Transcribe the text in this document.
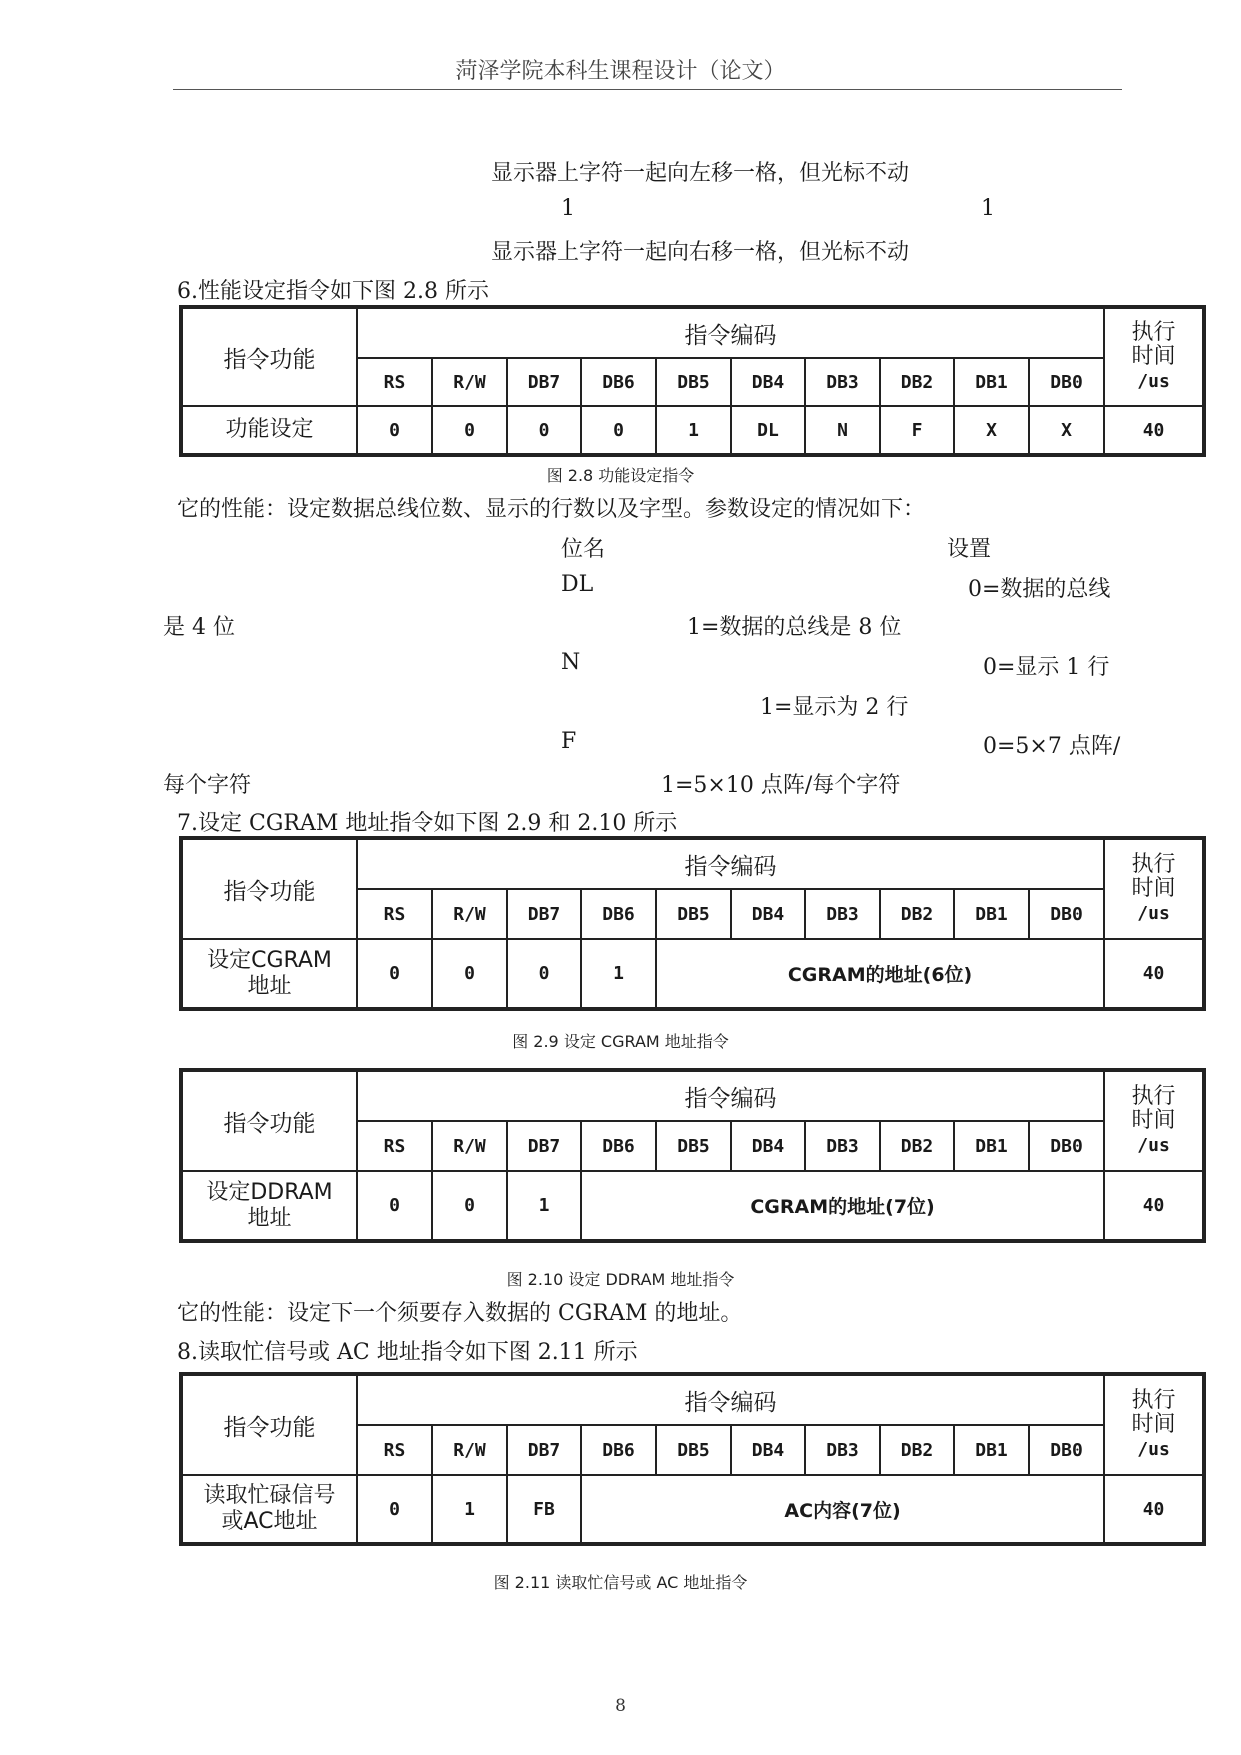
菏泽学院本科生课程设计（论文）
显示器上字符一起向左移一格，但光标不动
1	1
显示器上字符一起向右移一格，但光标不动
6.性能设定指令如下图 2.8 所示
指令功能	指令编码										执行
时间
/us
	RS	R/W	DB7	DB6	DB5	DB4	DB3	DB2	DB1	DB0	
功能设定	0	0	0	0	1	DL	N	F	X	X	40
图 2.8 功能设定指令
它的性能：设定数据总线位数、显示的行数以及字型。参数设定的情况如下：
位名	设置
DL	0=数据的总线
是 4 位	1=数据的总线是 8 位
N	0=显示 1 行
1=显示为 2 行
F	0=5×7 点阵/
每个字符	1=5×10 点阵/每个字符
7.设定 CGRAM 地址指令如下图 2.9 和 2.10 所示
指令功能	指令编码										执行
时间
/us
	RS	R/W	DB7	DB6	DB5	DB4	DB3	DB2	DB1	DB0	
设定CGRAM
地址	0	0	0	1	CGRAM的地址(6位)						40
图 2.9 设定 CGRAM 地址指令
指令功能	指令编码										执行
时间
/us
	RS	R/W	DB7	DB6	DB5	DB4	DB3	DB2	DB1	DB0	
设定DDRAM
地址	0	0	1	CGRAM的地址(7位)							40
图 2.10 设定 DDRAM 地址指令
它的性能：设定下一个须要存入数据的 CGRAM 的地址。
8.读取忙信号或 AC 地址指令如下图 2.11 所示
指令功能	指令编码										执行
时间
/us
	RS	R/W	DB7	DB6	DB5	DB4	DB3	DB2	DB1	DB0	
读取忙碌信号
或AC地址	0	1	FB	AC内容(7位)							40
图 2.11 读取忙信号或 AC 地址指令
8
